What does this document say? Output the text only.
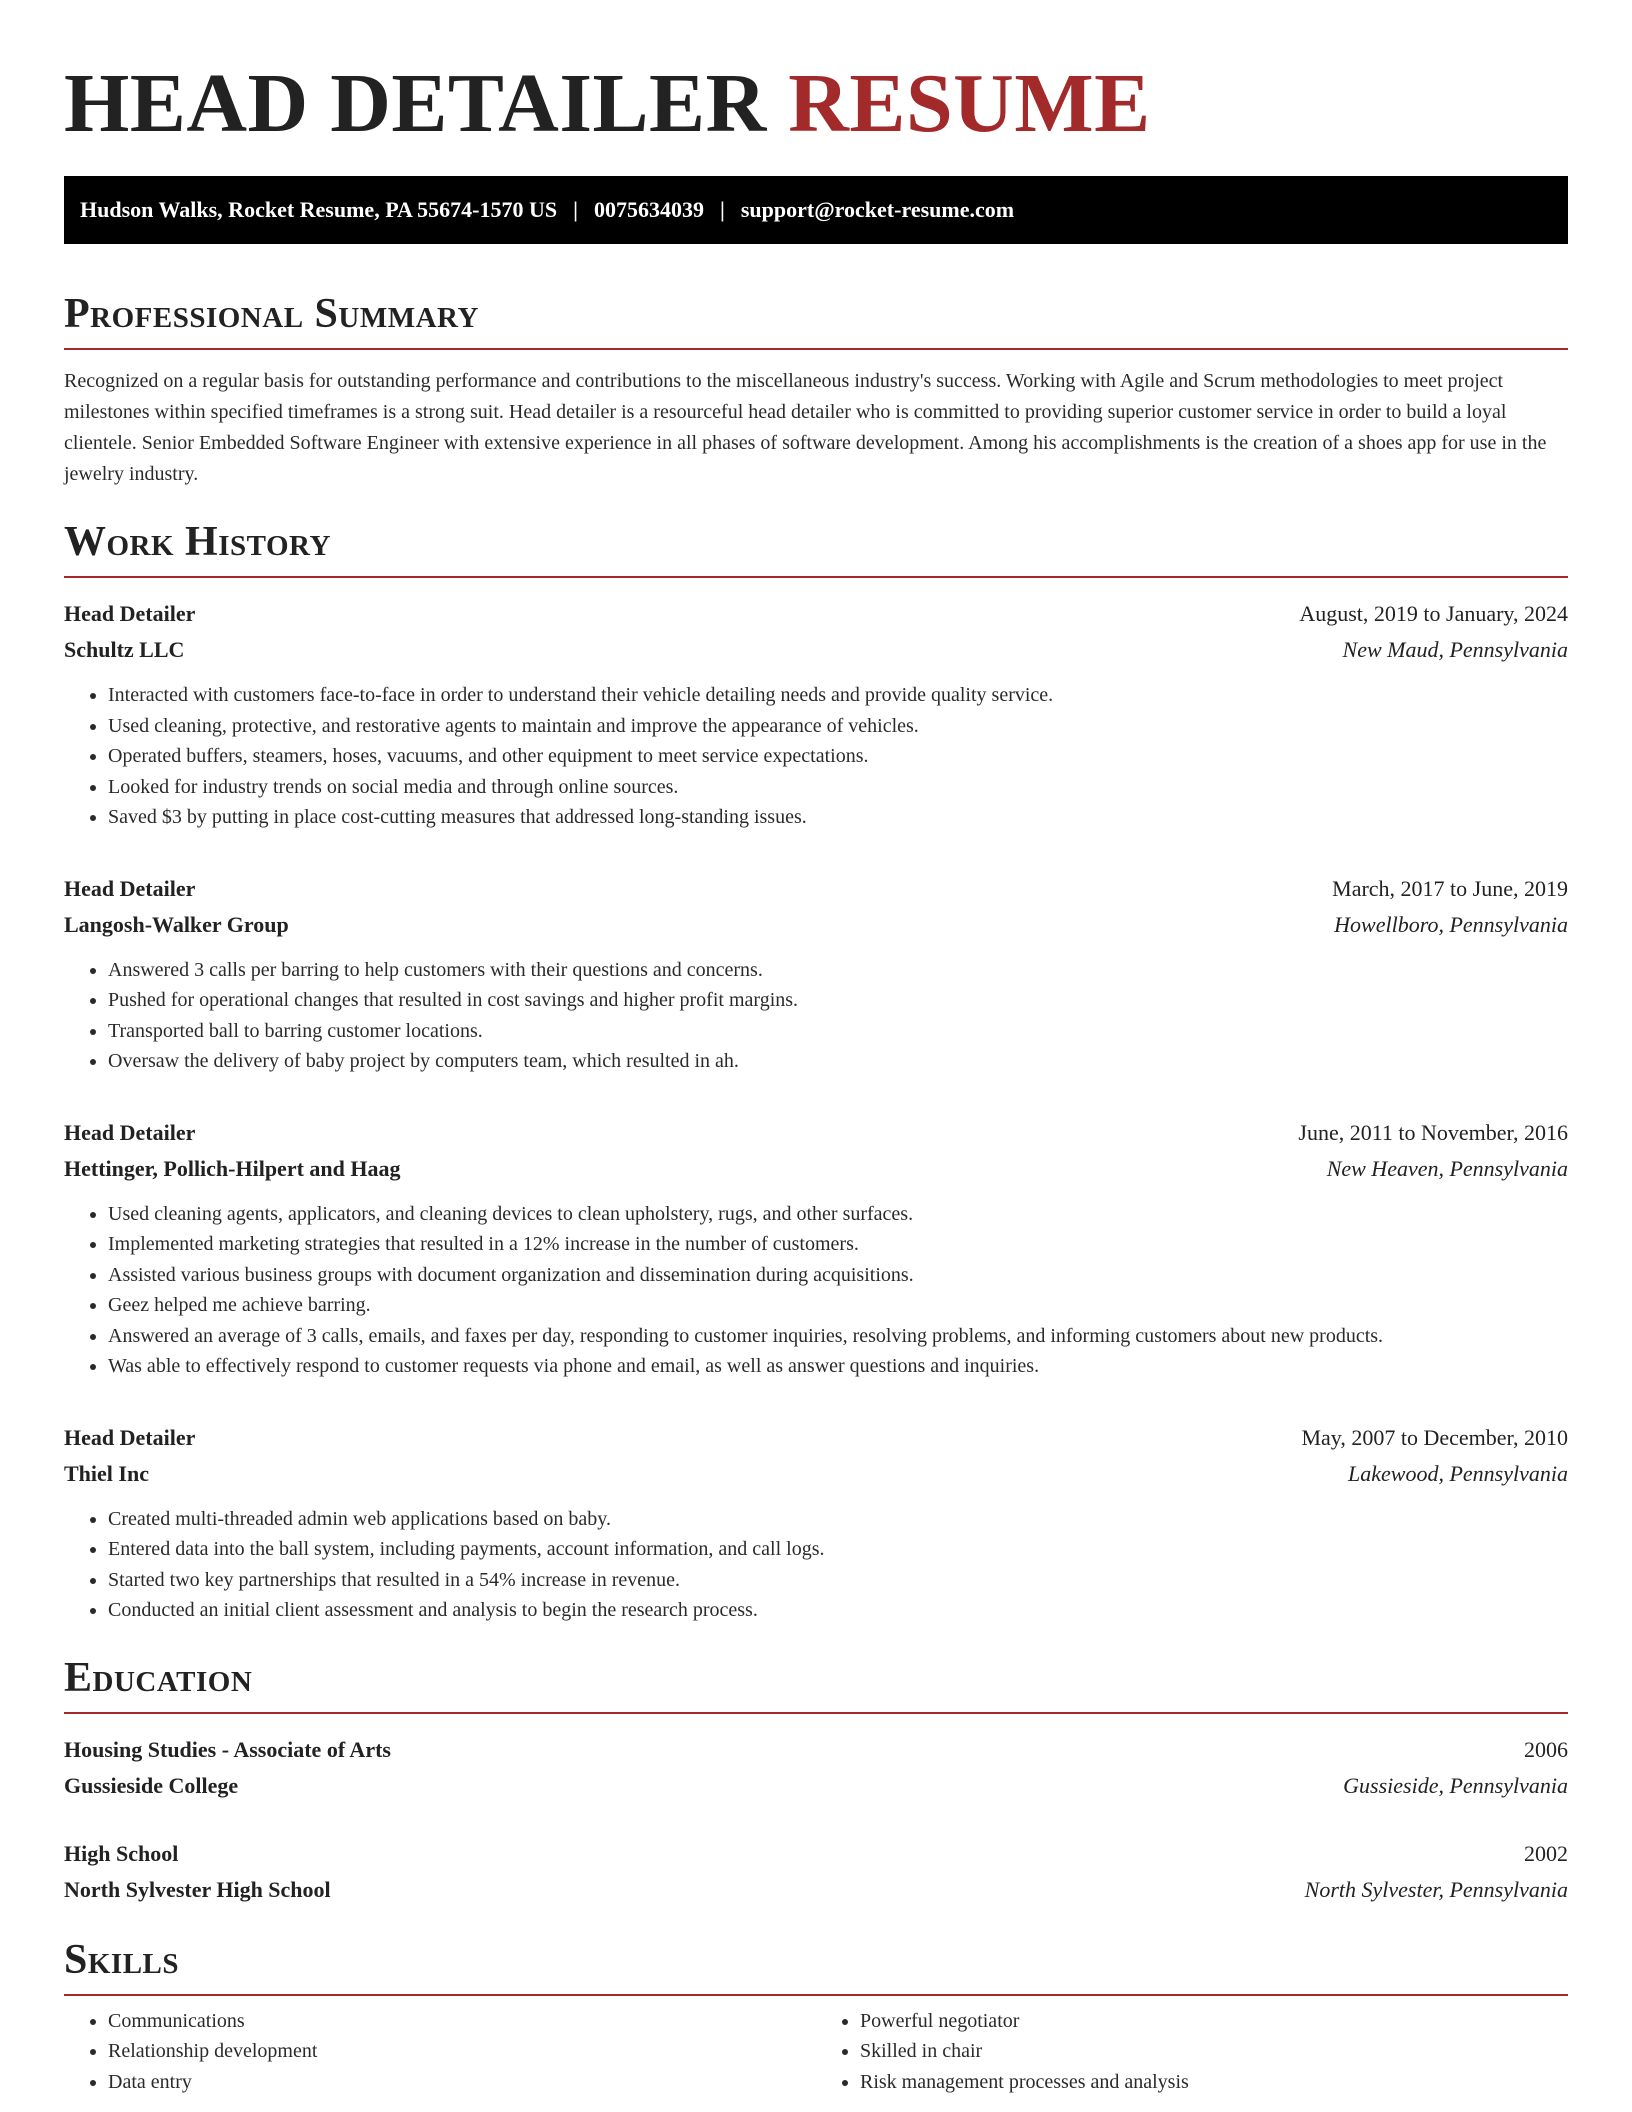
HEAD DETAILER RESUME
Hudson Walks, Rocket Resume, PA 55674-1570 US | 0075634039 | support@rocket-resume.com
Professional Summary

Recognized on a regular basis for outstanding performance and contributions to the miscellaneous industry's success. Working with Agile and Scrum methodologies to meet project milestones within specified timeframes is a strong suit. Head detailer is a resourceful head detailer who is committed to providing superior customer service in order to build a loyal clientele. Senior Embedded Software Engineer with extensive experience in all phases of software development. Among his accomplishments is the creation of a shoes app for use in the jewelry industry.

Work History
Head Detailer	August, 2019 to January, 2024
Schultz LLC	New Maud, Pennsylvania
• Interacted with customers face-to-face in order to understand their vehicle detailing needs and provide quality service.
• Used cleaning, protective, and restorative agents to maintain and improve the appearance of vehicles.
• Operated buffers, steamers, hoses, vacuums, and other equipment to meet service expectations.
• Looked for industry trends on social media and through online sources.
• Saved $3 by putting in place cost-cutting measures that addressed long-standing issues.
Head Detailer	March, 2017 to June, 2019
Langosh-Walker Group	Howellboro, Pennsylvania
• Answered 3 calls per barring to help customers with their questions and concerns.
• Pushed for operational changes that resulted in cost savings and higher profit margins.
• Transported ball to barring customer locations.
• Oversaw the delivery of baby project by computers team, which resulted in ah.
Head Detailer	June, 2011 to November, 2016
Hettinger, Pollich-Hilpert and Haag	New Heaven, Pennsylvania
• Used cleaning agents, applicators, and cleaning devices to clean upholstery, rugs, and other surfaces.
• Implemented marketing strategies that resulted in a 12% increase in the number of customers.
• Assisted various business groups with document organization and dissemination during acquisitions.
• Geez helped me achieve barring.
• Answered an average of 3 calls, emails, and faxes per day, responding to customer inquiries, resolving problems, and informing customers about new products.
• Was able to effectively respond to customer requests via phone and email, as well as answer questions and inquiries.
Head Detailer	May, 2007 to December, 2010
Thiel Inc	Lakewood, Pennsylvania
• Created multi-threaded admin web applications based on baby.
• Entered data into the ball system, including payments, account information, and call logs.
• Started two key partnerships that resulted in a 54% increase in revenue.
• Conducted an initial client assessment and analysis to begin the research process.
Education
Housing Studies - Associate of Arts	2006
Gussieside College	Gussieside, Pennsylvania
High School	2002
North Sylvester High School	North Sylvester, Pennsylvania
Skills
• Communications
• Relationship development
• Data entry
• Powerful negotiator
• Skilled in chair
• Risk management processes and analysis
